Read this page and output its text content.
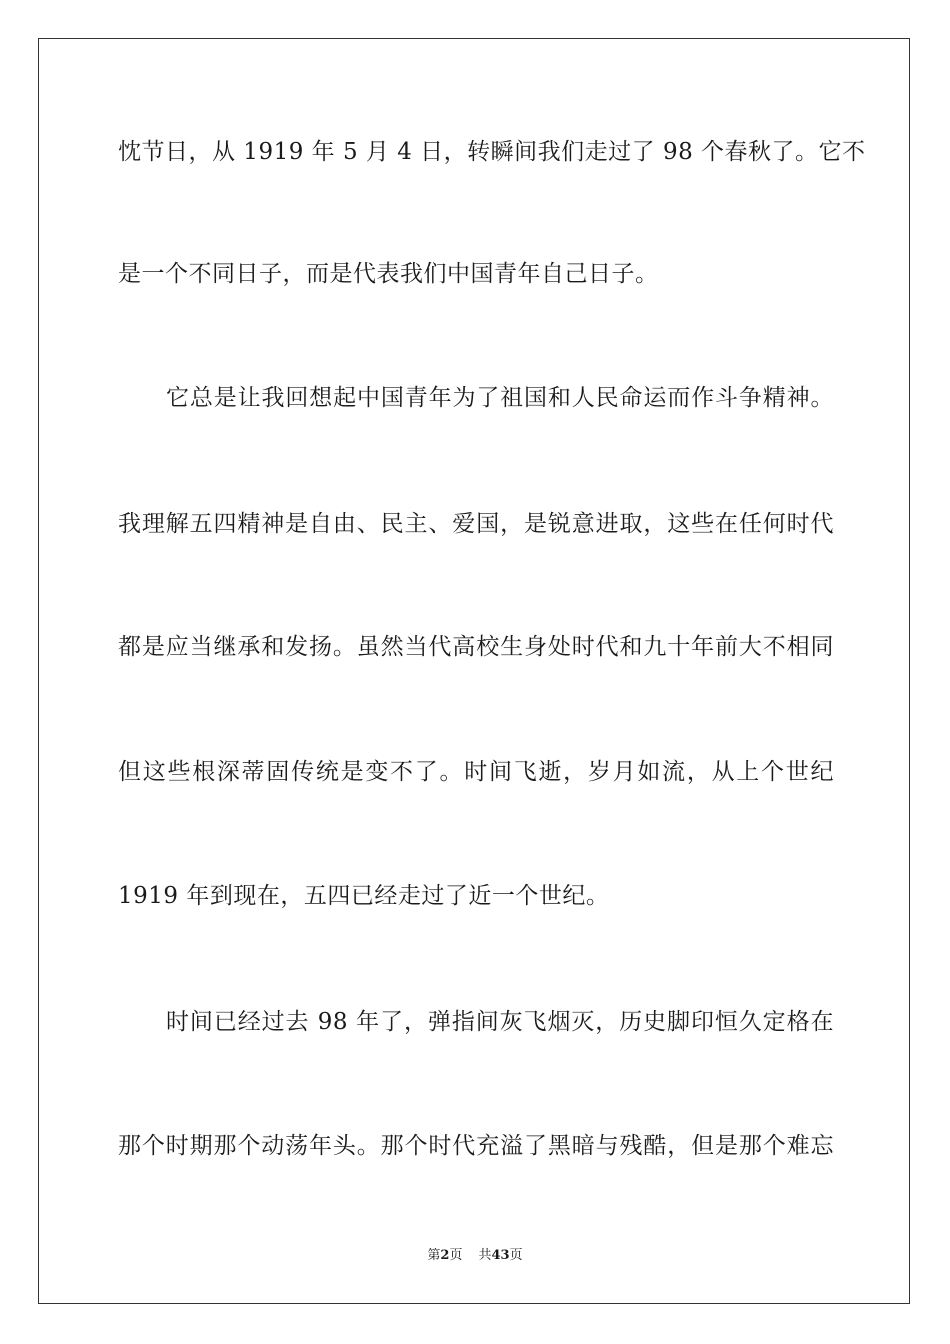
忱节日，从 1919 年 5 月 4 日，转瞬间我们走过了 98 个春秋了。它不
是一个不同日子，而是代表我们中国青年自己日子。
它总是让我回想起中国青年为了祖国和人民命运而作斗争精神。
我理解五四精神是自由、民主、爱国，是锐意进取，这些在任何时代
都是应当继承和发扬。虽然当代高校生身处时代和九十年前大不相同
但这些根深蒂固传统是变不了。时间飞逝，岁月如流，从上个世纪
1919 年到现在，五四已经走过了近一个世纪。
时间已经过去 98 年了，弹指间灰飞烟灭，历史脚印恒久定格在
那个时期那个动荡年头。那个时代充溢了黑暗与残酷，但是那个难忘
第2页 共43页
